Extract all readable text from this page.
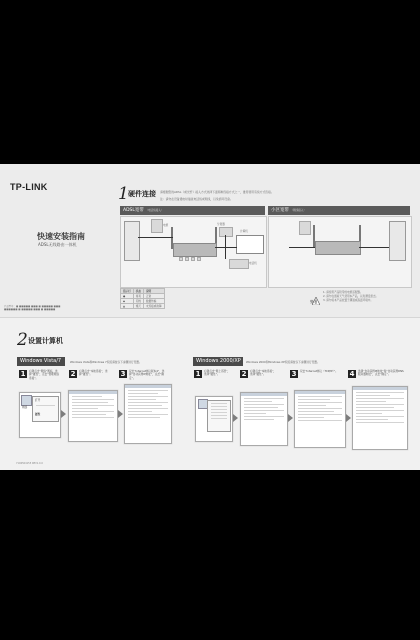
TP-LINK
快速安装指南
ADSL无线路由一体机
产品型号：■ ■■■■■ ■■■ ■ ■■■■■ ■■■
■■■■■■ ■ ■■■■■ ■■■ ■ ■■■■■
1 硬件连接 请根据您的ADSL（或光纤）接入方式选择下面两种连接方式之一，推荐使用有线方式连接。
注：请勿在设备通电时插拔电话线或网线，以免损坏设备。
ADSL宽带 （电话线接入）
电源	分离器
计算机
电话机
指示灯	状态	说明
●	常亮	正常
◆	闪烁	数据传输
▲	熄灭	未连接或故障
小区宽带 （网线接入）
警示
1. 请使用产品附带的电源适配器。
2. 请勿在雷雨天气使用本产品，以免遭受雷击。
3. 请勿将本产品放置于潮湿或高温环境中。
2 设置计算机
Windows Vista/7	Windows Vista和Windows 7系统请按以下步骤进行设置。
1	右键点击“网络”图标，选择“属性”，点击“管理网络连接”。
2	右键点击“本地连接”，选择“属性”。	3	双击“Internet协议版本4”，选择“自动获得IP地址”，点击“确定”。
网络
打开
属性
Windows 2000/XP	Windows 2000和Windows XP系统请按以下步骤进行设置。
1	右键点击“网上邻居”，选择“属性”。	2	右键点击“本地连接”，选择“属性”。	3	双击“Internet协议（TCP/IP）”。	4	选择“自动获得IP地址”和“自动获得DNS服务器地址”，点击“确定”。
7106504155 REV1.0.0
